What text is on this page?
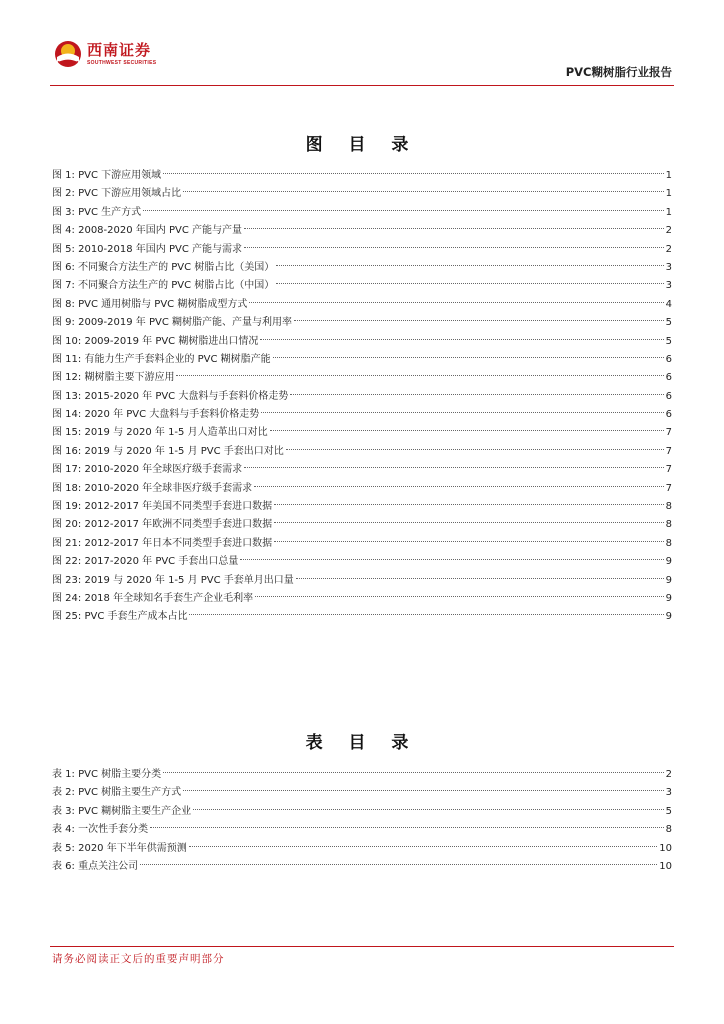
西南证券
SOUTHWEST SECURITIES
PVC糊树脂行业报告
图 目 录
图 1: PVC 下游应用领域	1
图 2: PVC 下游应用领域占比	1
图 3: PVC 生产方式	1
图 4: 2008-2020 年国内 PVC 产能与产量	2
图 5: 2010-2018 年国内 PVC 产能与需求	2
图 6: 不同聚合方法生产的 PVC 树脂占比（美国）	3
图 7: 不同聚合方法生产的 PVC 树脂占比（中国）	3
图 8: PVC 通用树脂与 PVC 糊树脂成型方式	4
图 9: 2009-2019 年 PVC 糊树脂产能、产量与利用率	5
图 10: 2009-2019 年 PVC 糊树脂进出口情况	5
图 11: 有能力生产手套料企业的 PVC 糊树脂产能	6
图 12: 糊树脂主要下游应用	6
图 13: 2015-2020 年 PVC 大盘料与手套料价格走势	6
图 14: 2020 年 PVC 大盘料与手套料价格走势	6
图 15: 2019 与 2020 年 1-5 月人造革出口对比	7
图 16: 2019 与 2020 年 1-5 月 PVC 手套出口对比	7
图 17: 2010-2020 年全球医疗级手套需求	7
图 18: 2010-2020 年全球非医疗级手套需求	7
图 19: 2012-2017 年美国不同类型手套进口数据	8
图 20: 2012-2017 年欧洲不同类型手套进口数据	8
图 21: 2012-2017 年日本不同类型手套进口数据	8
图 22: 2017-2020 年 PVC 手套出口总量	9
图 23: 2019 与 2020 年 1-5 月 PVC 手套单月出口量	9
图 24: 2018 年全球知名手套生产企业毛利率	9
图 25: PVC 手套生产成本占比	9
表 目 录
表 1: PVC 树脂主要分类	2
表 2: PVC 树脂主要生产方式	3
表 3: PVC 糊树脂主要生产企业	5
表 4: 一次性手套分类	8
表 5: 2020 年下半年供需预测	10
表 6: 重点关注公司	10
请务必阅读正文后的重要声明部分
